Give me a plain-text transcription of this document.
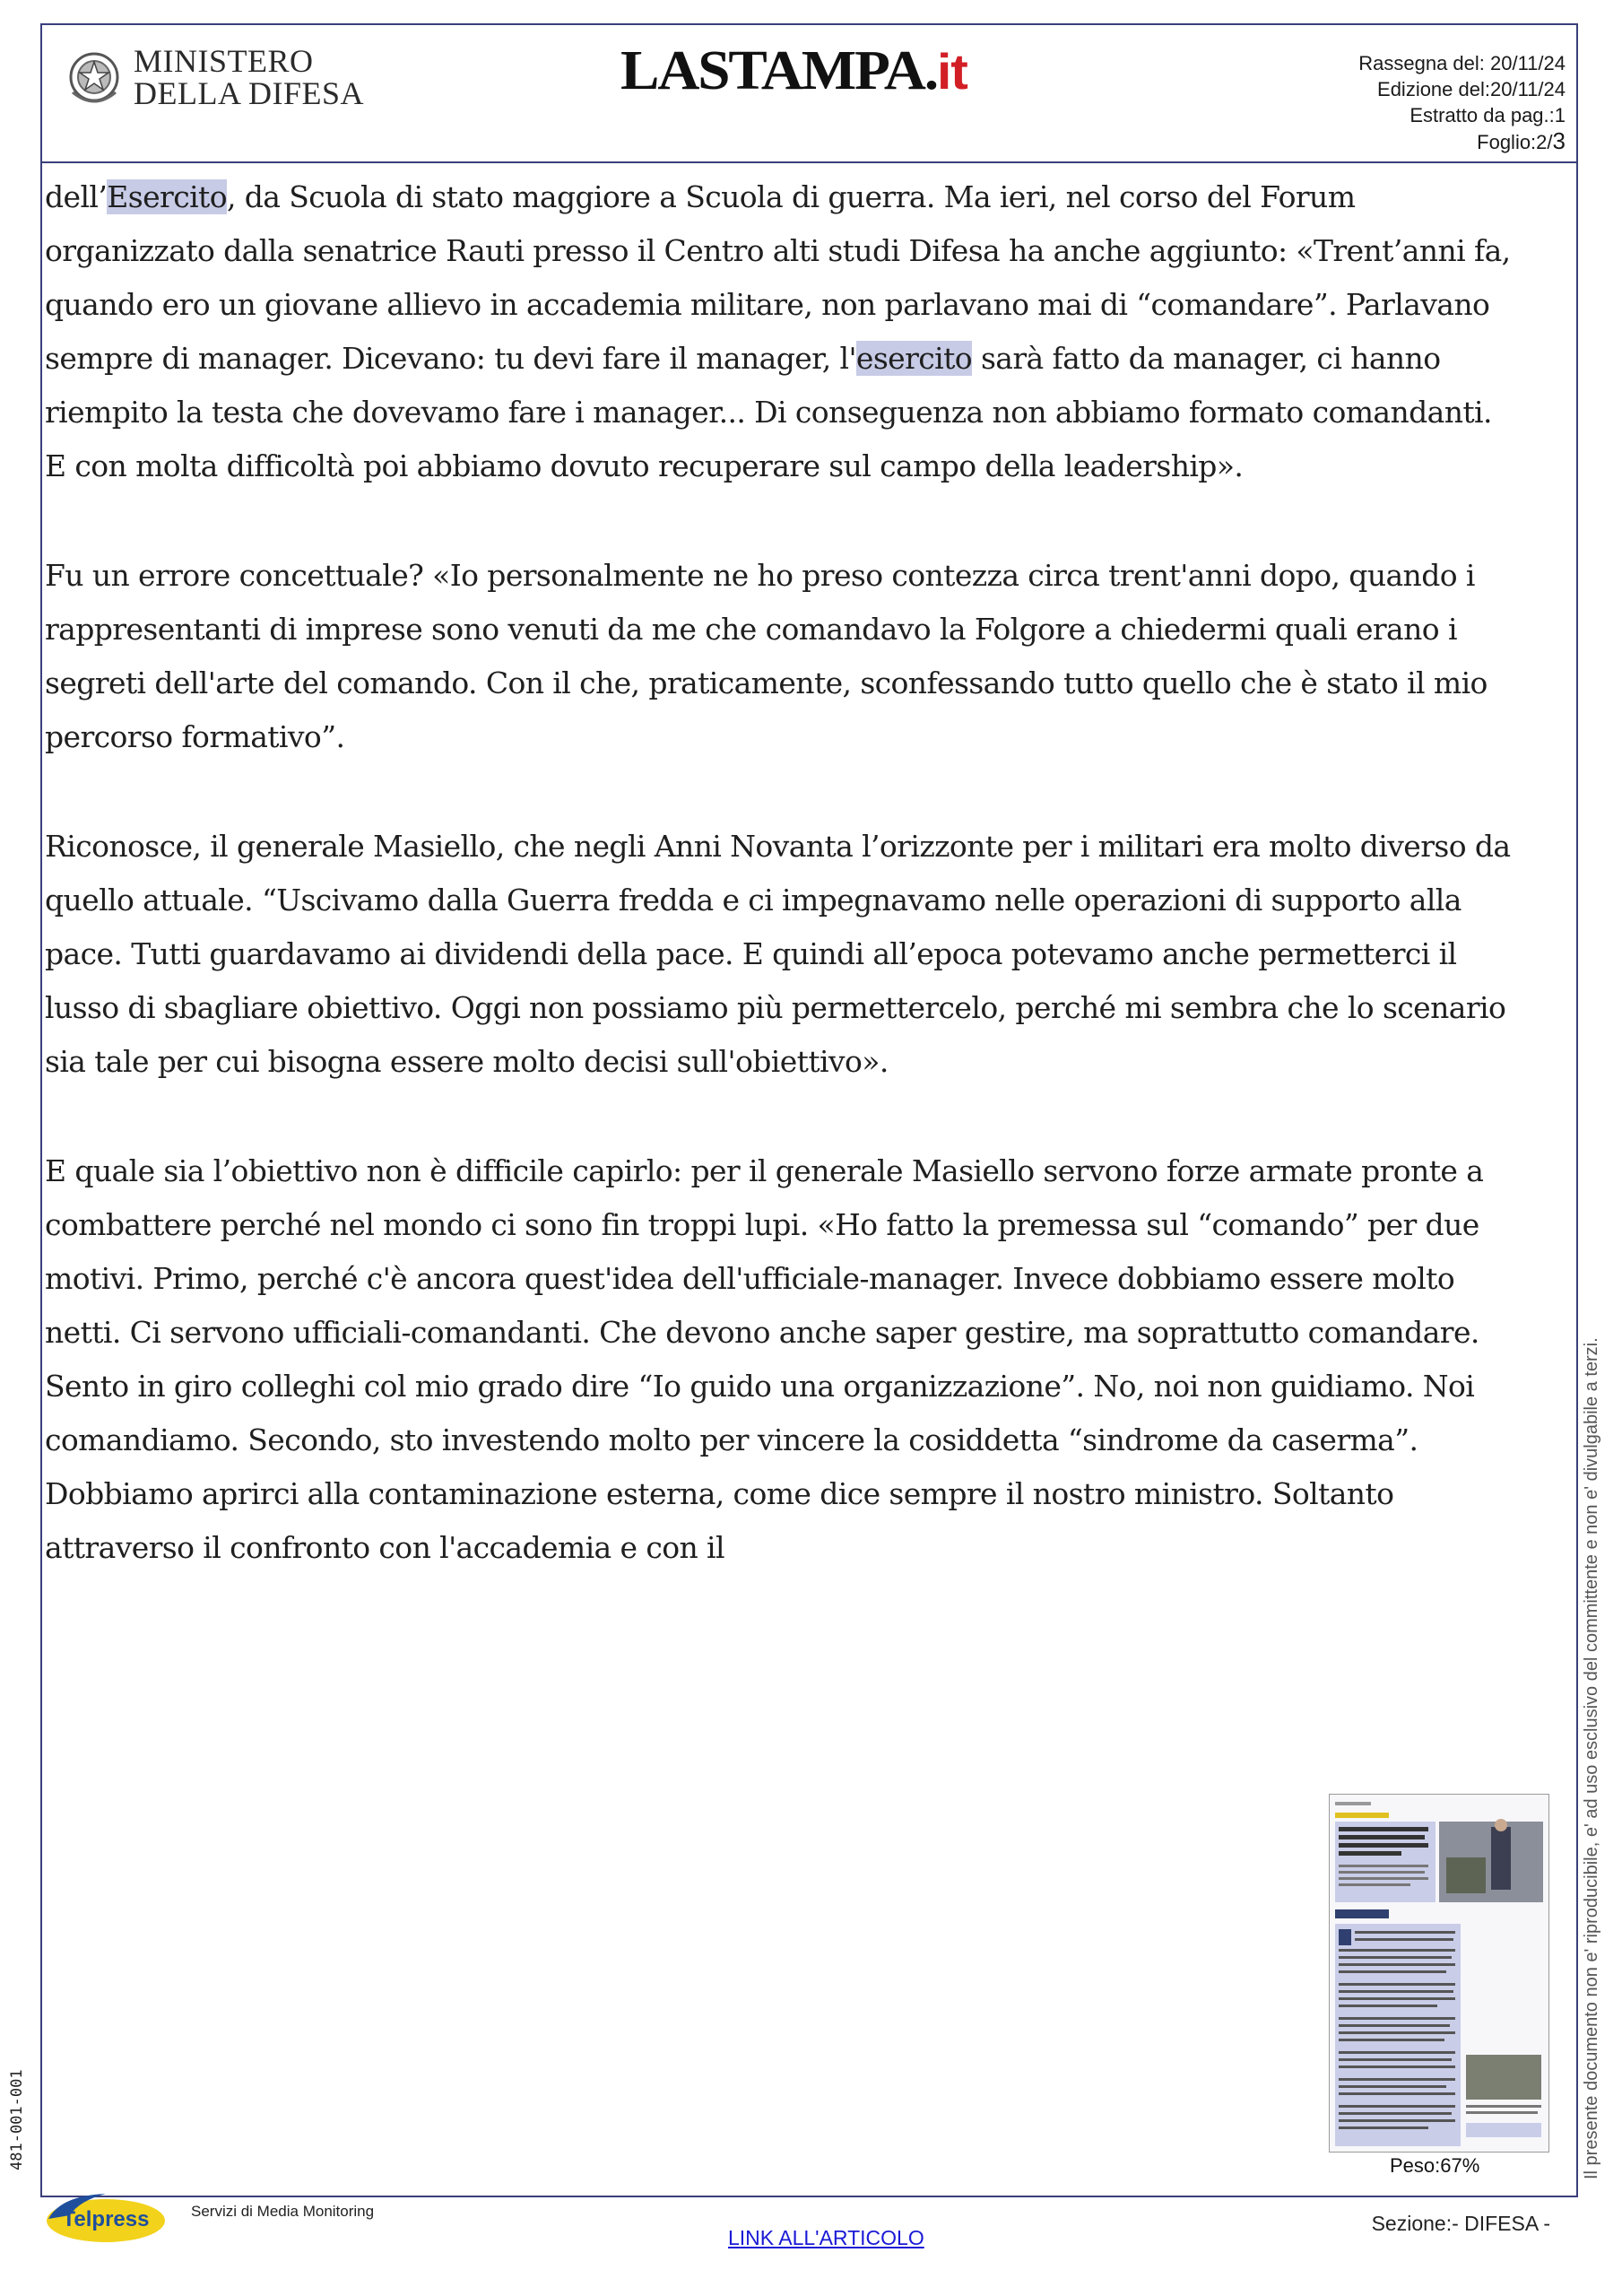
MINISTERO
DELLA DIFESA	LASTAMPA.it	Rassegna del: 20/11/24
Edizione del:20/11/24
Estratto da pag.:1
Foglio:2/3

dell’Esercito, da Scuola di stato maggiore a Scuola di guerra. Ma ieri, nel corso del Forum organizzato dalla senatrice Rauti presso il Centro alti studi Difesa ha anche aggiunto: «Trent’anni fa, quando ero un giovane allievo in accademia militare, non parlavano mai di “comandare”. Parlavano sempre di manager. Dicevano: tu devi fare il manager, l'esercito sarà fatto da manager, ci hanno riempito la testa che dovevamo fare i manager... Di conseguenza non abbiamo formato comandanti. E con molta difficoltà poi abbiamo dovuto recuperare sul campo della leadership».

Fu un errore concettuale? «Io personalmente ne ho preso contezza circa trent'anni dopo, quando i rappresentanti di imprese sono venuti da me che comandavo la Folgore a chiedermi quali erano i segreti dell'arte del comando. Con il che, praticamente, sconfessando tutto quello che è stato il mio percorso formativo”.

Riconosce, il generale Masiello, che negli Anni Novanta l’orizzonte per i militari era molto diverso da quello attuale. “Uscivamo dalla Guerra fredda e ci impegnavamo nelle operazioni di supporto alla pace. Tutti guardavamo ai dividendi della pace. E quindi all’epoca potevamo anche permetterci il lusso di sbagliare obiettivo. Oggi non possiamo più permettercelo, perché mi sembra che lo scenario sia tale per cui bisogna essere molto decisi sull'obiettivo».

E quale sia l’obiettivo non è difficile capirlo: per il generale Masiello servono forze armate pronte a combattere perché nel mondo ci sono fin troppi lupi. «Ho fatto la premessa sul “comando” per due motivi. Primo, perché c'è ancora quest'idea dell'ufficiale-manager. Invece dobbiamo essere molto netti. Ci servono ufficiali-comandanti. Che devono anche saper gestire, ma soprattutto comandare. Sento in giro colleghi col mio grado dire “Io guido una organizzazione”. No, noi non guidiamo. Noi comandiamo. Secondo, sto investendo molto per vincere la cosiddetta “sindrome da caserma”. Dobbiamo aprirci alla contaminazione esterna, come dice sempre il nostro ministro. Soltanto attraverso il confronto con l'accademia e con il

Peso:67%	Il presente documento non e' riproducibile, e' ad uso esclusivo del committente e non e' divulgabile a terzi.
481-001-001
Telpress	Servizi di Media Monitoring
Sezione:- DIFESA -
LINK ALL'ARTICOLO
